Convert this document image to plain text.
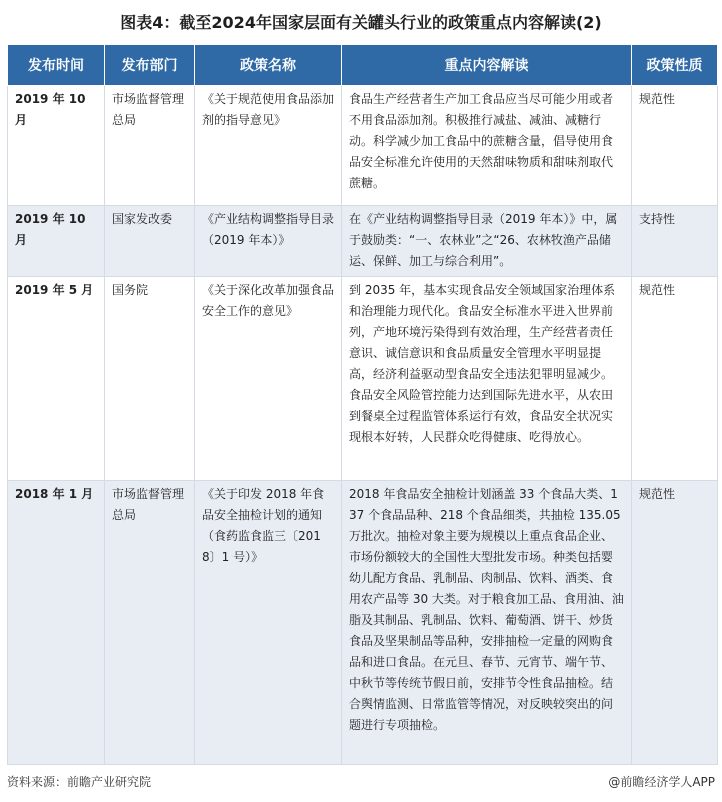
图表4：截至2024年国家层面有关罐头行业的政策重点内容解读(2)
发布时间	发布部门	政策名称	重点内容解读	政策性质
2019 年 10 月	市场监督管理总局	《关于规范使用食品添加剂的指导意见》	食品生产经营者生产加工食品应当尽可能少用或者不用食品添加剂。积极推行减盐、减油、减糖行动。科学减少加工食品中的蔗糖含量，倡导使用食品安全标准允许使用的天然甜味物质和甜味剂取代蔗糖。	规范性
2019 年 10 月	国家发改委	《产业结构调整指导目录（2019 年本）》	在《产业结构调整指导目录（2019 年本）》中，属于鼓励类：“一、农林业”之“26、农林牧渔产品储运、保鲜、加工与综合利用”。	支持性
2019 年 5 月	国务院	《关于深化改革加强食品安全工作的意见》	到 2035 年，基本实现食品安全领域国家治理体系和治理能力现代化。食品安全标准水平进入世界前列，产地环境污染得到有效治理，生产经营者责任意识、诚信意识和食品质量安全管理水平明显提高，经济利益驱动型食品安全违法犯罪明显减少。食品安全风险管控能力达到国际先进水平，从农田到餐桌全过程监管体系运行有效，食品安全状况实现根本好转，人民群众吃得健康、吃得放心。	规范性
2018 年 1 月	市场监督管理总局	《关于印发 2018 年食品安全抽检计划的通知（食药监食监三〔2018〕1 号）》	2018 年食品安全抽检计划涵盖 33 个食品大类、137 个食品品种、218 个食品细类，共抽检 135.05 万批次。抽检对象主要为规模以上重点食品企业、市场份额较大的全国性大型批发市场。种类包括婴幼儿配方食品、乳制品、肉制品、饮料、酒类、食用农产品等 30 大类。对于粮食加工品、食用油、油脂及其制品、乳制品、饮料、葡萄酒、饼干、炒货食品及坚果制品等品种，安排抽检一定量的网购食品和进口食品。在元旦、春节、元宵节、端午节、中秋节等传统节假日前，安排节令性食品抽检。结合舆情监测、日常监管等情况，对反映较突出的问题进行专项抽检。	规范性
资料来源：前瞻产业研究院	@前瞻经济学人APP
